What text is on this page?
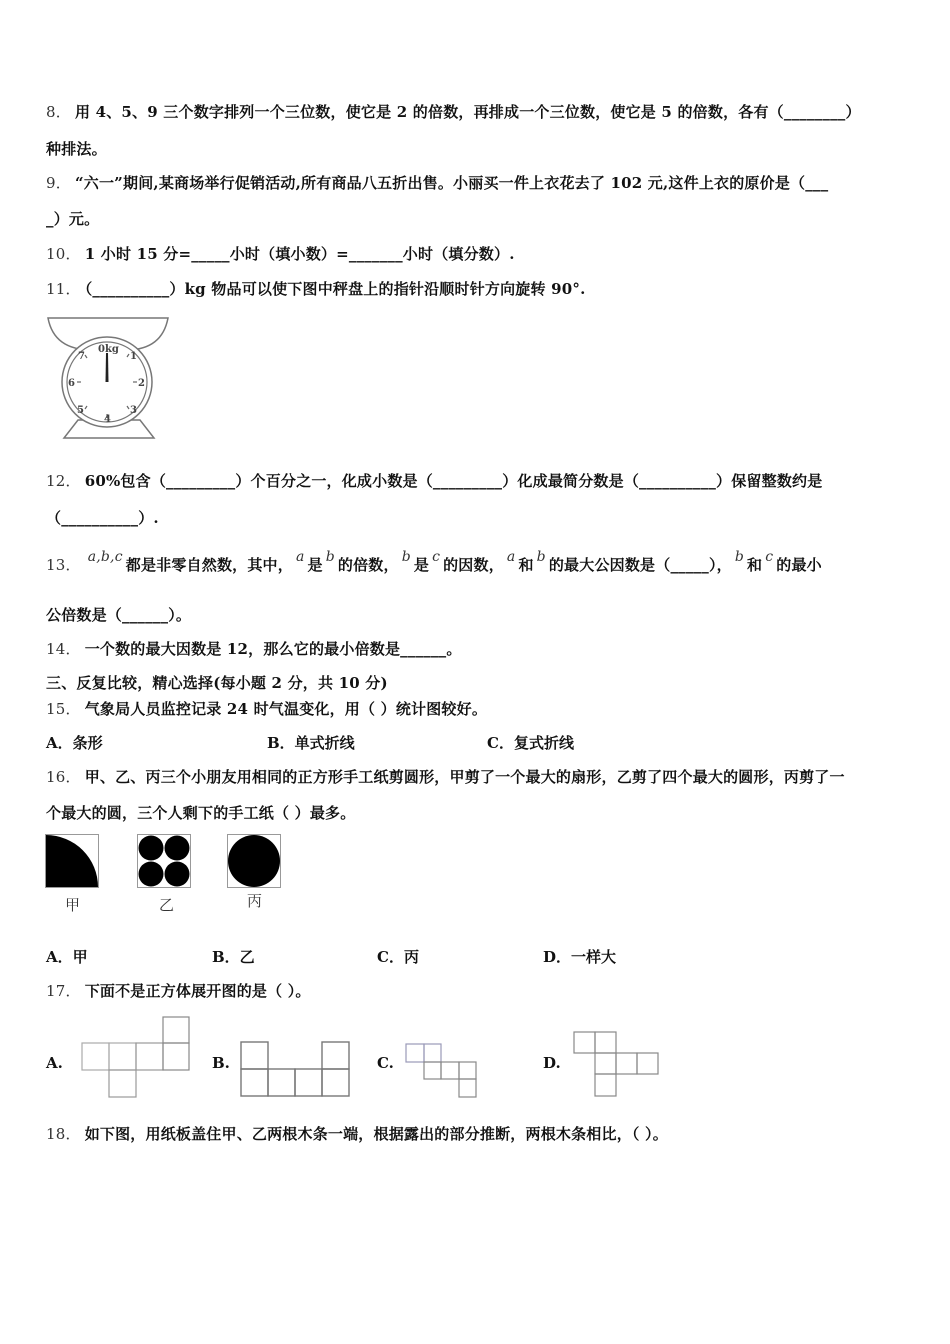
8． 用 4、5、9 三个数字排列一个三位数，使它是 2 的倍数，再排成一个三位数，使它是 5 的倍数，各有（________）
种排法。
9． “六一”期间,某商场举行促销活动,所有商品八五折出售。小丽买一件上衣花去了 102 元,这件上衣的原价是（___
_）元。
10． 1 小时 15 分=_____小时（填小数）=_______小时（填分数）.
11． （__________）kg 物品可以使下图中秤盘上的指针沿顺时针方向旋转 90°.
0kg
1
2
3
4
5
6
7
12． 60%包含（_________）个百分之一，化成小数是（_________）化成最简分数是（__________）保留整数约是
（__________）.
13． a,b,c 都是非零自然数，其中， a 是 b 的倍数， b 是 c 的因数， a 和 b 的最大公因数是（_____）， b 和 c 的最小
公倍数是（______）。
14． 一个数的最大因数是 12，那么它的最小倍数是______。
三、反复比较，精心选择(每小题 2 分，共 10 分)
15． 气象局人员监控记录 24 时气温变化，用（ ）统计图较好。
A．条形	B．单式折线	C．复式折线
16． 甲、乙、丙三个小朋友用相同的正方形手工纸剪圆形，甲剪了一个最大的扇形，乙剪了四个最大的圆形，丙剪了一
个最大的圆，三个人剩下的手工纸（ ）最多。
甲	乙	丙
A．甲	B．乙	C．丙	D．一样大
17． 下面不是正方体展开图的是（ ）。
A.	B.	C.	D.
18． 如下图，用纸板盖住甲、乙两根木条一端，根据露出的部分推断，两根木条相比，（ ）。
